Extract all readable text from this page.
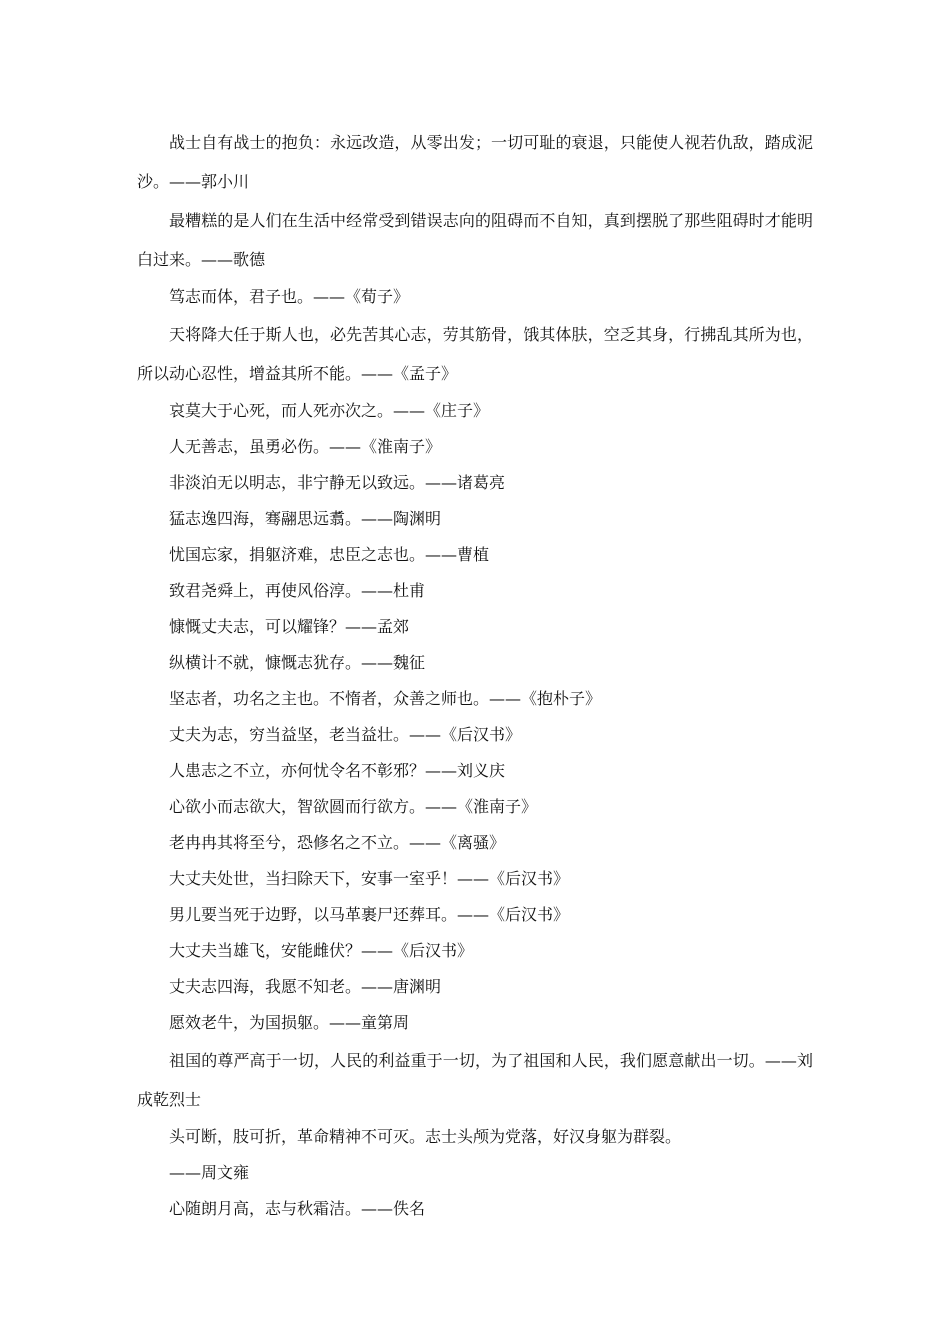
战士自有战士的抱负：永远改造，从零出发；一切可耻的衰退，只能使人视若仇敌，踏成泥沙。——郭小川

最糟糕的是人们在生活中经常受到错误志向的阻碍而不自知，真到摆脱了那些阻碍时才能明白过来。——歌德

笃志而体，君子也。——《荀子》

天将降大任于斯人也，必先苦其心志，劳其筋骨，饿其体肤，空乏其身，行拂乱其所为也，所以动心忍性，增益其所不能。——《孟子》

哀莫大于心死，而人死亦次之。——《庄子》

人无善志，虽勇必伤。——《淮南子》

非淡泊无以明志，非宁静无以致远。——诸葛亮

猛志逸四海，骞翮思远翥。——陶渊明

忧国忘家，捐躯济难，忠臣之志也。——曹植

致君尧舜上，再使风俗淳。——杜甫

慷慨丈夫志，可以耀锋？——孟郊

纵横计不就，慷慨志犹存。——魏征

坚志者，功名之主也。不惰者，众善之师也。——《抱朴子》

丈夫为志，穷当益坚，老当益壮。——《后汉书》

人患志之不立，亦何忧令名不彰邪？——刘义庆

心欲小而志欲大，智欲圆而行欲方。——《淮南子》

老冉冉其将至兮，恐修名之不立。——《离骚》

大丈夫处世，当扫除天下，安事一室乎！——《后汉书》

男儿要当死于边野，以马革裹尸还葬耳。——《后汉书》

大丈夫当雄飞，安能雌伏？——《后汉书》

丈夫志四海，我愿不知老。——唐渊明

愿效老牛，为国损躯。——童第周

祖国的尊严高于一切，人民的利益重于一切，为了祖国和人民，我们愿意献出一切。——刘成乾烈士

头可断，肢可折，革命精神不可灭。志士头颅为党落，好汉身躯为群裂。

——周文雍

心随朗月高，志与秋霜洁。——佚名
